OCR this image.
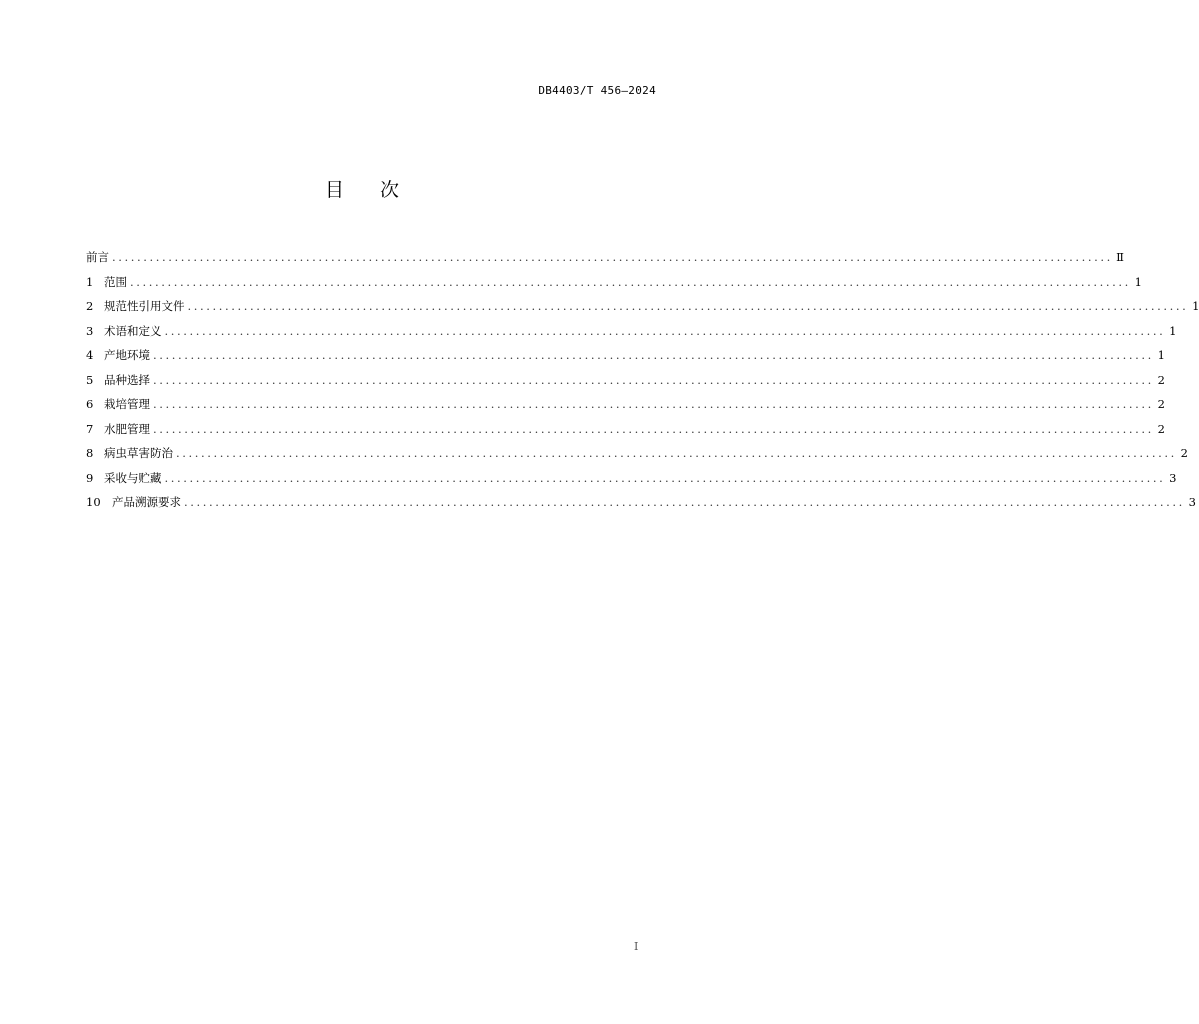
DB4403/T 456—2024
目次
前言 ................................................................................................................................................................ Ⅱ
1 范围 ................................................................................................................................................................ 1
2 规范性引用文件 ................................................................................................................................................................ 1
3 术语和定义 ................................................................................................................................................................ 1
4 产地环境 ................................................................................................................................................................ 1
5 品种选择 ................................................................................................................................................................ 2
6 栽培管理 ................................................................................................................................................................ 2
7 水肥管理 ................................................................................................................................................................ 2
8 病虫草害防治 ................................................................................................................................................................ 2
9 采收与贮藏 ................................................................................................................................................................ 3
10 产品溯源要求 ................................................................................................................................................................ 3
I
